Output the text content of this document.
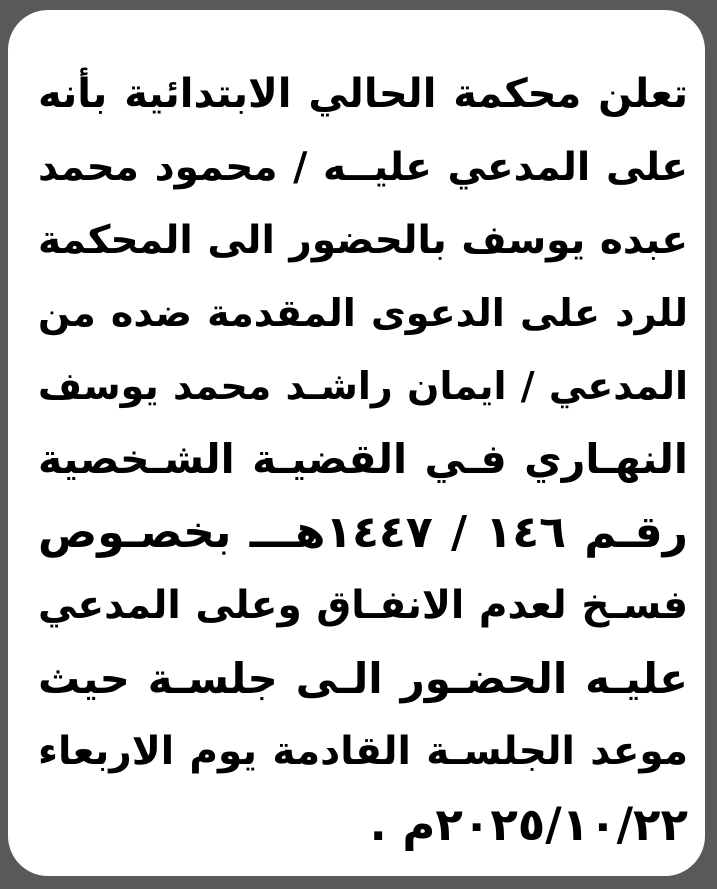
تعلن محكمة الحالي الابتدائية بأنه
على المدعي عليــه / محمود محمد
عبده يوسف بالحضور الى المحكمة
للرد على الدعوى المقدمة ضده من
المدعي / ايمان راشـد محمد يوسف
النهـاري فـي القضيـة الشـخصية
رقـم ١٤٦ / ١٤٤٧هـــ بخصـوص
فسـخ لعدم الانفـاق وعلى المدعي
عليـه الحضـور الـى جلسـة حيث
موعد الجلسـة القادمة يوم الاربعاء
٢٠٢٥/١٠/٢٢م .
